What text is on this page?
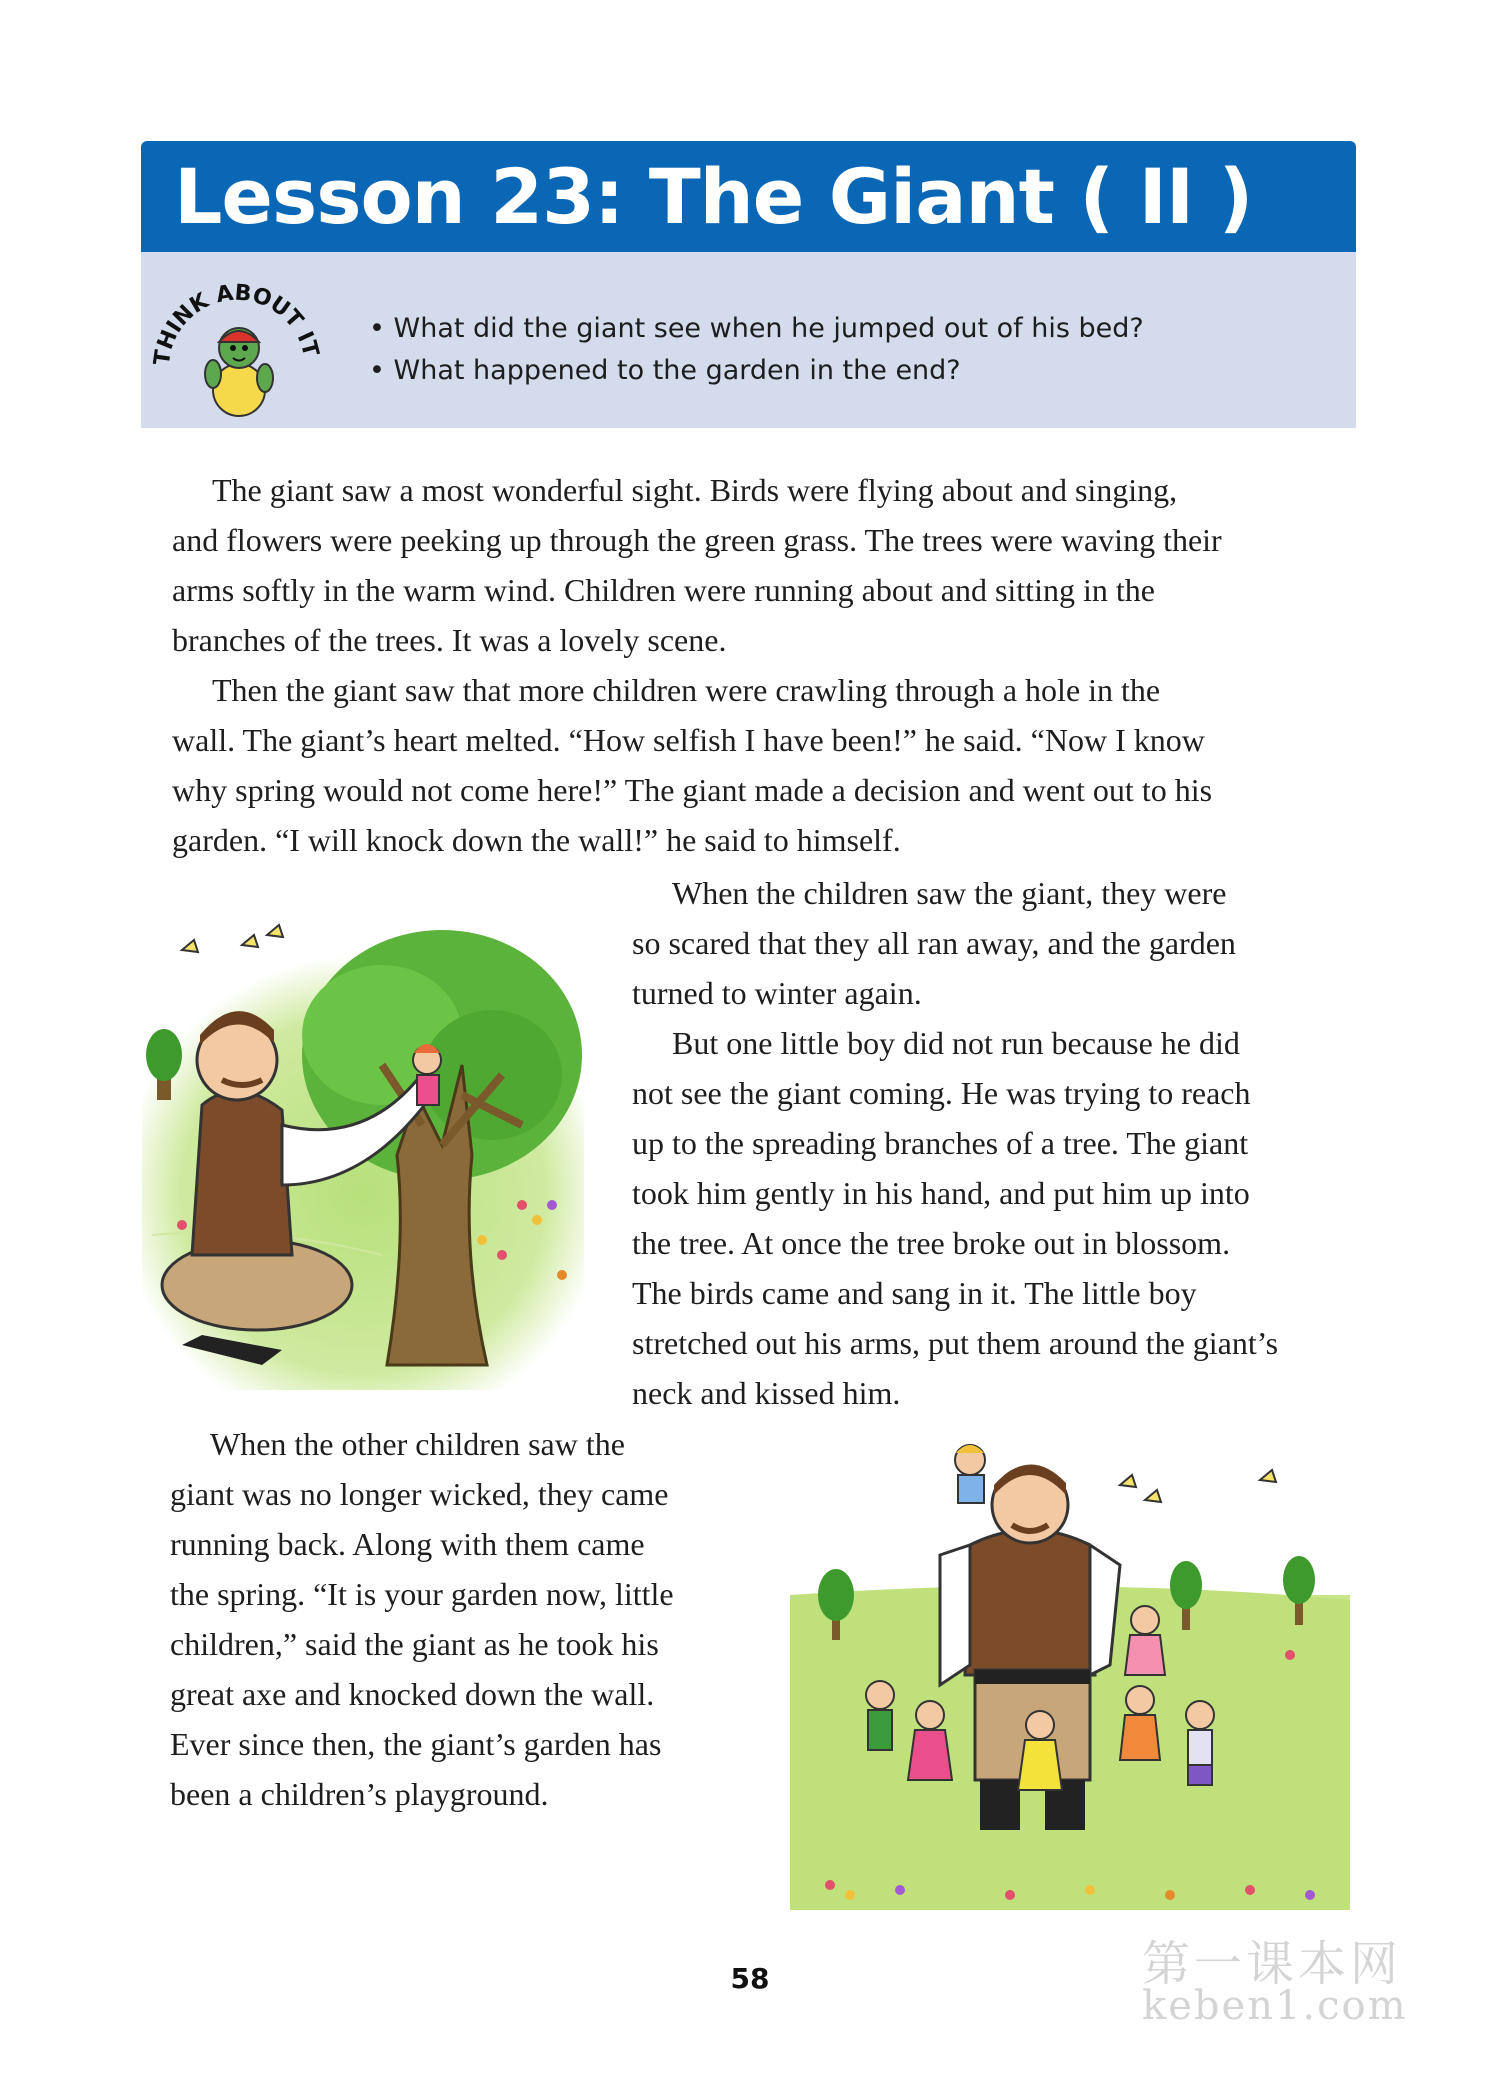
Lesson 23: The Giant ( II )
THINK ABOUT IT
• What did the giant see when he jumped out of his bed?
• What happened to the garden in the end?

The giant saw a most wonderful sight. Birds were flying about and singing,
and flowers were peeking up through the green grass. The trees were waving their
arms softly in the warm wind. Children were running about and sitting in the
branches of the trees. It was a lovely scene.

Then the giant saw that more children were crawling through a hole in the
wall. The giant’s heart melted. “How selfish I have been!” he said. “Now I know
why spring would not come here!” The giant made a decision and went out to his
garden. “I will knock down the wall!” he said to himself.

When the children saw the giant, they were
so scared that they all ran away, and the garden
turned to winter again.

But one little boy did not run because he did
not see the giant coming. He was trying to reach
up to the spreading branches of a tree. The giant
took him gently in his hand, and put him up into
the tree. At once the tree broke out in blossom.
The birds came and sang in it. The little boy
stretched out his arms, put them around the giant’s
neck and kissed him.

When the other children saw the
giant was no longer wicked, they came
running back. Along with them came
the spring. “It is your garden now, little
children,” said the giant as he took his
great axe and knocked down the wall.
Ever since then, the giant’s garden has
been a children’s playground.

58	第一课本网
keben1.com
